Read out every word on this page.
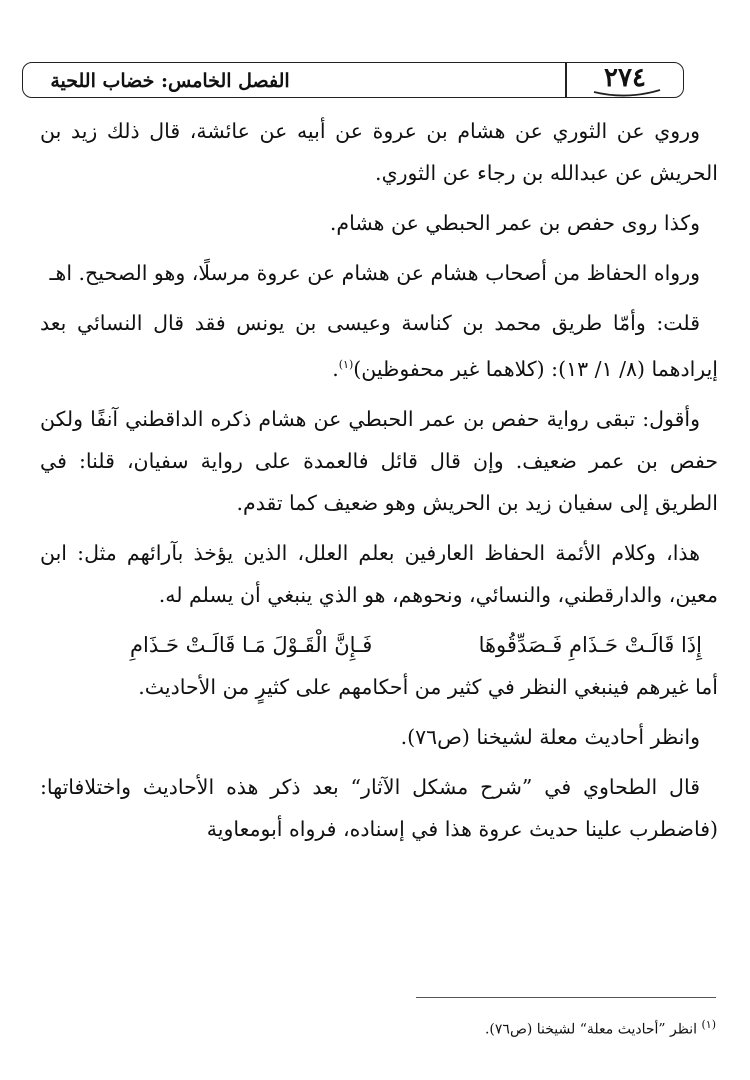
الفصل الخامس: خضاب اللحية	٢٧٤

وروي عن الثوري عن هشام بن عروة عن أبيه عن عائشة، قال ذلك زيد بن الحريش عن عبدالله بن رجاء عن الثوري.

وكذا روى حفص بن عمر الحبطي عن هشام.

ورواه الحفاظ من أصحاب هشام عن هشام عن عروة مرسلًا، وهو الصحيح. اهـ

قلت: وأمّا طريق محمد بن كناسة وعيسى بن يونس فقد قال النسائي بعد إيرادهما (٨/ ١/ ١٣): (كلاهما غير محفوظين)$^{(١)}$.

وأقول: تبقى رواية حفص بن عمر الحبطي عن هشام ذكره الداقطني آنفًا ولكن حفص بن عمر ضعيف. وإن قال قائل فالعمدة على رواية سفيان، قلنا: في الطريق إلى سفيان زيد بن الحريش وهو ضعيف كما تقدم.

هذا، وكلام الأئمة الحفاظ العارفين بعلم العلل، الذين يؤخذ بآرائهم مثل: ابن معين، والدارقطني، والنسائي، ونحوهم، هو الذي ينبغي أن يسلم له.

إِذَا قَالَـتْ حَـذَامِ فَـصَدِّقُوهَا
فَـإِنَّ الْقَـوْلَ مَـا قَالَـتْ حَـذَامِ

أما غيرهم فينبغي النظر في كثير من أحكامهم على كثيرٍ من الأحاديث.

وانظر أحاديث معلة لشيخنا (ص٧٦).

قال الطحاوي في ”شرح مشكل الآثار“ بعد ذكر هذه الأحاديث واختلافاتها: (فاضطرب علينا حديث عروة هذا في إسناده، فرواه أبومعاوية

$^{(١)}$ انظر ”أحاديث معلة“ لشيخنا (ص٧٦).
